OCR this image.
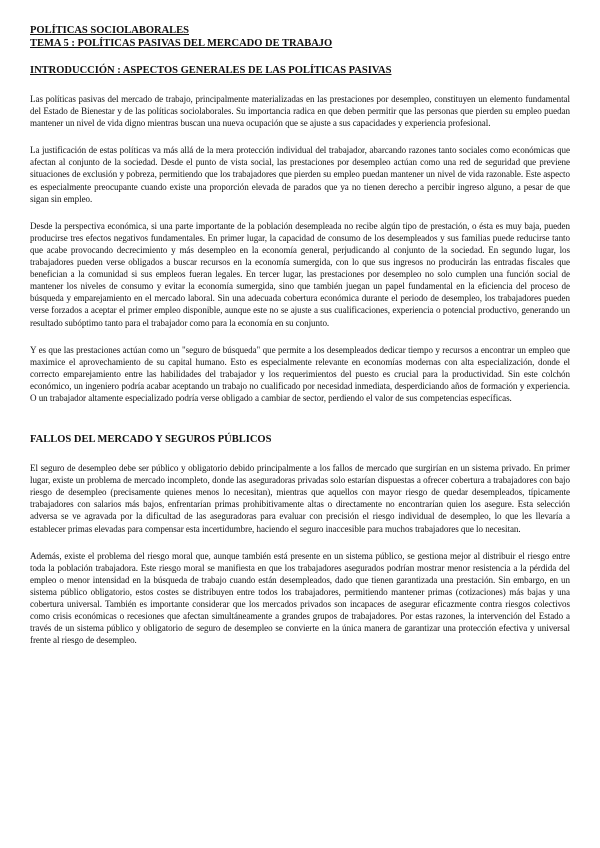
POLÍTICAS SOCIOLABORALES
TEMA 5 : POLÍTICAS PASIVAS DEL MERCADO DE TRABAJO
INTRODUCCIÓN : ASPECTOS GENERALES DE LAS POLÍTICAS PASIVAS

Las políticas pasivas del mercado de trabajo, principalmente materializadas en las prestaciones por desempleo, constituyen un elemento fundamental del Estado de Bienestar y de las políticas sociolaborales. Su importancia radica en que deben permitir que las personas que pierden su empleo puedan mantener un nivel de vida digno mientras buscan una nueva ocupación que se ajuste a sus capacidades y experiencia profesional.

La justificación de estas políticas va más allá de la mera protección individual del trabajador, abarcando razones tanto sociales como económicas que afectan al conjunto de la sociedad. Desde el punto de vista social, las prestaciones por desempleo actúan como una red de seguridad que previene situaciones de exclusión y pobreza, permitiendo que los trabajadores que pierden su empleo puedan mantener un nivel de vida razonable. Este aspecto es especialmente preocupante cuando existe una proporción elevada de parados que ya no tienen derecho a percibir ingreso alguno, a pesar de que sigan sin empleo.

Desde la perspectiva económica, si una parte importante de la población desempleada no recibe algún tipo de prestación, o ésta es muy baja, pueden producirse tres efectos negativos fundamentales. En primer lugar, la capacidad de consumo de los desempleados y sus familias puede reducirse tanto que acabe provocando decrecimiento y más desempleo en la economía general, perjudicando al conjunto de la sociedad. En segundo lugar, los trabajadores pueden verse obligados a buscar recursos en la economía sumergida, con lo que sus ingresos no producirán las entradas fiscales que benefician a la comunidad si sus empleos fueran legales. En tercer lugar, las prestaciones por desempleo no solo cumplen una función social de mantener los niveles de consumo y evitar la economía sumergida, sino que también juegan un papel fundamental en la eficiencia del proceso de búsqueda y emparejamiento en el mercado laboral. Sin una adecuada cobertura económica durante el periodo de desempleo, los trabajadores pueden verse forzados a aceptar el primer empleo disponible, aunque este no se ajuste a sus cualificaciones, experiencia o potencial productivo, generando un resultado subóptimo tanto para el trabajador como para la economía en su conjunto.

Y es que las prestaciones actúan como un "seguro de búsqueda" que permite a los desempleados dedicar tiempo y recursos a encontrar un empleo que maximice el aprovechamiento de su capital humano. Esto es especialmente relevante en economías modernas con alta especialización, donde el correcto emparejamiento entre las habilidades del trabajador y los requerimientos del puesto es crucial para la productividad. Sin este colchón económico, un ingeniero podría acabar aceptando un trabajo no cualificado por necesidad inmediata, desperdiciando años de formación y experiencia. O un trabajador altamente especializado podría verse obligado a cambiar de sector, perdiendo el valor de sus competencias específicas.

FALLOS DEL MERCADO Y SEGUROS PÚBLICOS

El seguro de desempleo debe ser público y obligatorio debido principalmente a los fallos de mercado que surgirían en un sistema privado. En primer lugar, existe un problema de mercado incompleto, donde las aseguradoras privadas solo estarían dispuestas a ofrecer cobertura a trabajadores con bajo riesgo de desempleo (precisamente quienes menos lo necesitan), mientras que aquellos con mayor riesgo de quedar desempleados, típicamente trabajadores con salarios más bajos, enfrentarían primas prohibitivamente altas o directamente no encontrarían quien los asegure. Esta selección adversa se ve agravada por la dificultad de las aseguradoras para evaluar con precisión el riesgo individual de desempleo, lo que les llevaría a establecer primas elevadas para compensar esta incertidumbre, haciendo el seguro inaccesible para muchos trabajadores que lo necesitan.

Además, existe el problema del riesgo moral que, aunque también está presente en un sistema público, se gestiona mejor al distribuir el riesgo entre toda la población trabajadora. Este riesgo moral se manifiesta en que los trabajadores asegurados podrían mostrar menor resistencia a la pérdida del empleo o menor intensidad en la búsqueda de trabajo cuando están desempleados, dado que tienen garantizada una prestación. Sin embargo, en un sistema público obligatorio, estos costes se distribuyen entre todos los trabajadores, permitiendo mantener primas (cotizaciones) más bajas y una cobertura universal. También es importante considerar que los mercados privados son incapaces de asegurar eficazmente contra riesgos colectivos como crisis económicas o recesiones que afectan simultáneamente a grandes grupos de trabajadores. Por estas razones, la intervención del Estado a través de un sistema público y obligatorio de seguro de desempleo se convierte en la única manera de garantizar una protección efectiva y universal frente al riesgo de desempleo.
